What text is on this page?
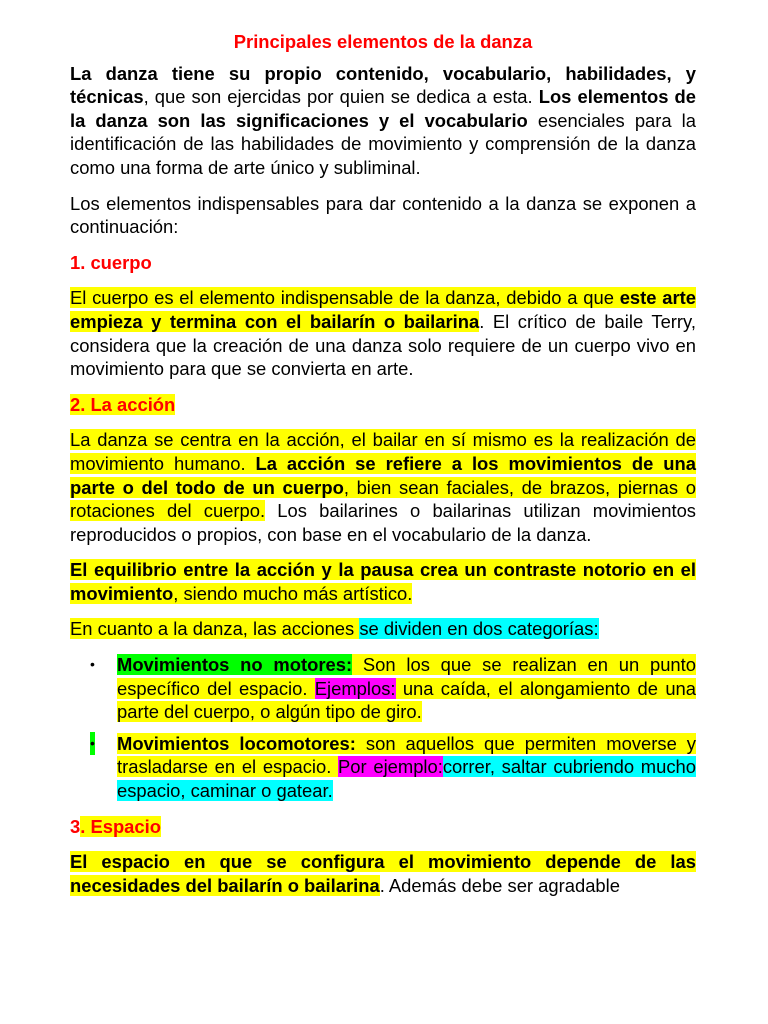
Principales elementos de la danza

La danza tiene su propio contenido, vocabulario, habilidades, y técnicas, que son ejercidas por quien se dedica a esta. Los elementos de la danza son las significaciones y el vocabulario esenciales para la identificación de las habilidades de movimiento y comprensión de la danza como una forma de arte único y subliminal.

Los elementos indispensables para dar contenido a la danza se exponen a continuación:

1. cuerpo

El cuerpo es el elemento indispensable de la danza, debido a que este arte empieza y termina con el bailarín o bailarina. El crítico de baile Terry, considera que la creación de una danza solo requiere de un cuerpo vivo en movimiento para que se convierta en arte.

2. La acción

La danza se centra en la acción, el bailar en sí mismo es la realización de movimiento humano. La acción se refiere a los movimientos de una parte o del todo de un cuerpo, bien sean faciales, de brazos, piernas o rotaciones del cuerpo. Los bailarines o bailarinas utilizan movimientos reproducidos o propios, con base en el vocabulario de la danza.

El equilibrio entre la acción y la pausa crea un contraste notorio en el movimiento, siendo mucho más artístico.

En cuanto a la danza, las acciones se dividen en dos categorías:

• Movimientos no motores: Son los que se realizan en un punto específico del espacio. Ejemplos: una caída, el alongamiento de una parte del cuerpo, o algún tipo de giro.
• Movimientos locomotores: son aquellos que permiten moverse y trasladarse en el espacio. Por ejemplo:correr, saltar cubriendo mucho espacio, caminar o gatear.
3. Espacio

El espacio en que se configura el movimiento depende de las necesidades del bailarín o bailarina. Además debe ser agradable
